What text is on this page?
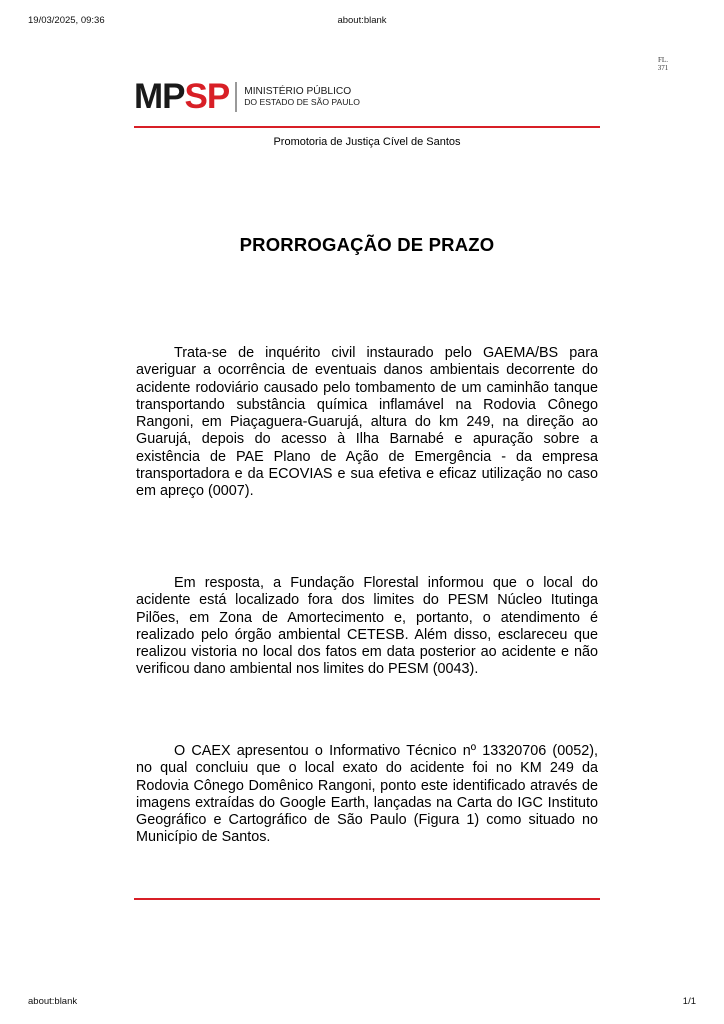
19/03/2025, 09:36	about:blank
FL.
371
MP SP MINISTÉRIO PÚBLICO
DO ESTADO DE SÃO PAULO
Promotoria de Justiça Cível de Santos
PRORROGAÇÃO DE PRAZO

Trata-se de inquérito civil instaurado pelo GAEMA/BS para averiguar a ocorrência de eventuais danos ambientais decorrente do acidente rodoviário causado pelo tombamento de um caminhão tanque transportando substância química inflamável na Rodovia Cônego Rangoni, em Piaçaguera-Guarujá, altura do km 249, na direção ao Guarujá, depois do acesso à Ilha Barnabé e apuração sobre a existência de PAE Plano de Ação de Emergência - da empresa transportadora e da ECOVIAS e sua efetiva e eficaz utilização no caso em apreço (0007).

Em resposta, a Fundação Florestal informou que o local do acidente está localizado fora dos limites do PESM Núcleo Itutinga Pilões, em Zona de Amortecimento e, portanto, o atendimento é realizado pelo órgão ambiental CETESB. Além disso, esclareceu que realizou vistoria no local dos fatos em data posterior ao acidente e não verificou dano ambiental nos limites do PESM (0043).

O CAEX apresentou o Informativo Técnico nº 13320706 (0052), no qual concluiu que o local exato do acidente foi no KM 249 da Rodovia Cônego Domênico Rangoni, ponto este identificado através de imagens extraídas do Google Earth, lançadas na Carta do IGC Instituto Geográfico e Cartográfico de São Paulo (Figura 1) como situado no Município de Santos.

about:blank	1/1
